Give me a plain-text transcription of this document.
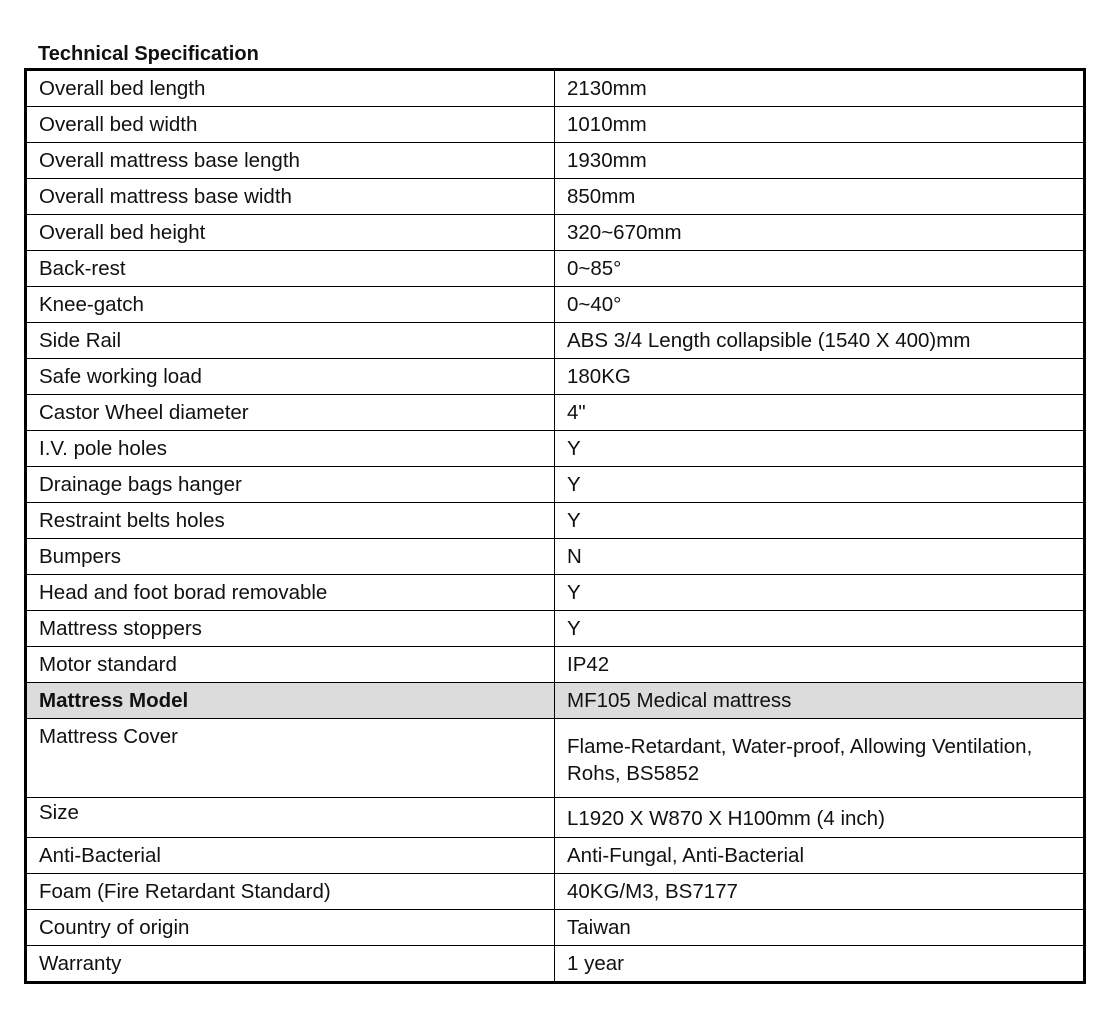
Technical Specification
Overall bed length	2130mm
Overall bed width	1010mm
Overall mattress base length	1930mm
Overall mattress base width	850mm
Overall bed height	320~670mm
Back-rest	0~85°
Knee-gatch	0~40°
Side Rail	ABS 3/4 Length collapsible (1540 X 400)mm
Safe working load	180KG
Castor Wheel diameter	4"
I.V. pole holes	Y
Drainage bags hanger	Y
Restraint belts holes	Y
Bumpers	N
Head and foot borad removable	Y
Mattress stoppers	Y
Motor standard	IP42
Mattress Model	MF105 Medical mattress
Mattress Cover	Flame-Retardant, Water-proof, Allowing Ventilation, Rohs, BS5852
Size	L1920 X W870 X H100mm (4 inch)
Anti-Bacterial	Anti-Fungal, Anti-Bacterial
Foam (Fire Retardant Standard)	40KG/M3, BS7177
Country of origin	Taiwan
Warranty	1 year
